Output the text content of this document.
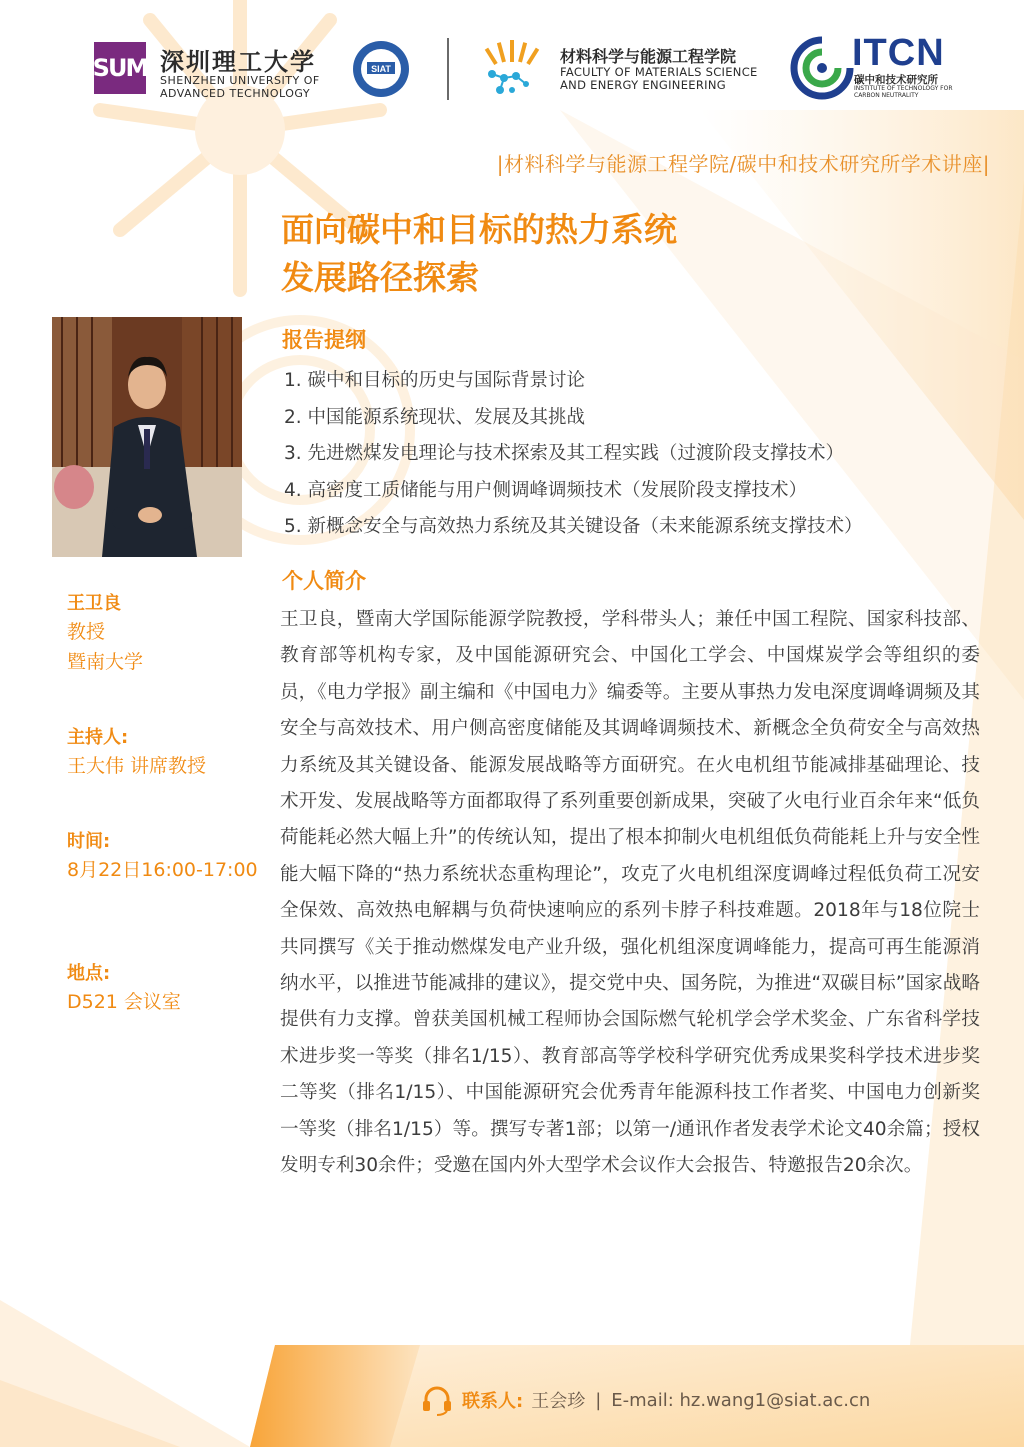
SUM 深圳理工大学
SHENZHEN UNIVERSITY OF
ADVANCED TECHNOLOGY
SIAT
材料科学与能源工程学院
FACULTY OF MATERIALS SCIENCE
AND ENERGY ENGINEERING
ITCN
碳中和技术研究所
INSTITUTE OF TECHNOLOGY FOR CARBON NEUTRALITY
|材料科学与能源工程学院/碳中和技术研究所学术讲座|
面向碳中和目标的热力系统
发展路径探索
王卫良
教授
暨南大学
主持人:
王大伟 讲席教授
时间:
8月22日16:00-17:00
地点:
D521 会议室
报告提纲
1. 碳中和目标的历史与国际背景讨论
2. 中国能源系统现状、发展及其挑战
3. 先进燃煤发电理论与技术探索及其工程实践（过渡阶段支撑技术）
4. 高密度工质储能与用户侧调峰调频技术（发展阶段支撑技术）
5. 新概念安全与高效热力系统及其关键设备（未来能源系统支撑技术）
个人简介
王卫良，暨南大学国际能源学院教授，学科带头人；兼任中国工程院、国家科技部、教育部等机构专家，及中国能源研究会、中国化工学会、中国煤炭学会等组织的委员，《电力学报》副主编和《中国电力》编委等。主要从事热力发电深度调峰调频及其安全与高效技术、用户侧高密度储能及其调峰调频技术、新概念全负荷安全与高效热力系统及其关键设备、能源发展战略等方面研究。在火电机组节能减排基础理论、技术开发、发展战略等方面都取得了系列重要创新成果，突破了火电行业百余年来“低负荷能耗必然大幅上升”的传统认知，提出了根本抑制火电机组低负荷能耗上升与安全性能大幅下降的“热力系统状态重构理论”，攻克了火电机组深度调峰过程低负荷工况安全保效、高效热电解耦与负荷快速响应的系列卡脖子科技难题。2018年与18位院士共同撰写《关于推动燃煤发电产业升级，强化机组深度调峰能力，提高可再生能源消纳水平，以推进节能减排的建议》，提交党中央、国务院，为推进“双碳目标”国家战略提供有力支撑。曾获美国机械工程师协会国际燃气轮机学会学术奖金、广东省科学技术进步奖一等奖（排名1/15）、教育部高等学校科学研究优秀成果奖科学技术进步奖二等奖（排名1/15）、中国能源研究会优秀青年能源科技工作者奖、中国电力创新奖一等奖（排名1/15）等。撰写专著1部；以第一/通讯作者发表学术论文40余篇；授权发明专利30余件；受邀在国内外大型学术会议作大会报告、特邀报告20余次。
联系人: 王会珍 | E-mail: hz.wang1@siat.ac.cn
